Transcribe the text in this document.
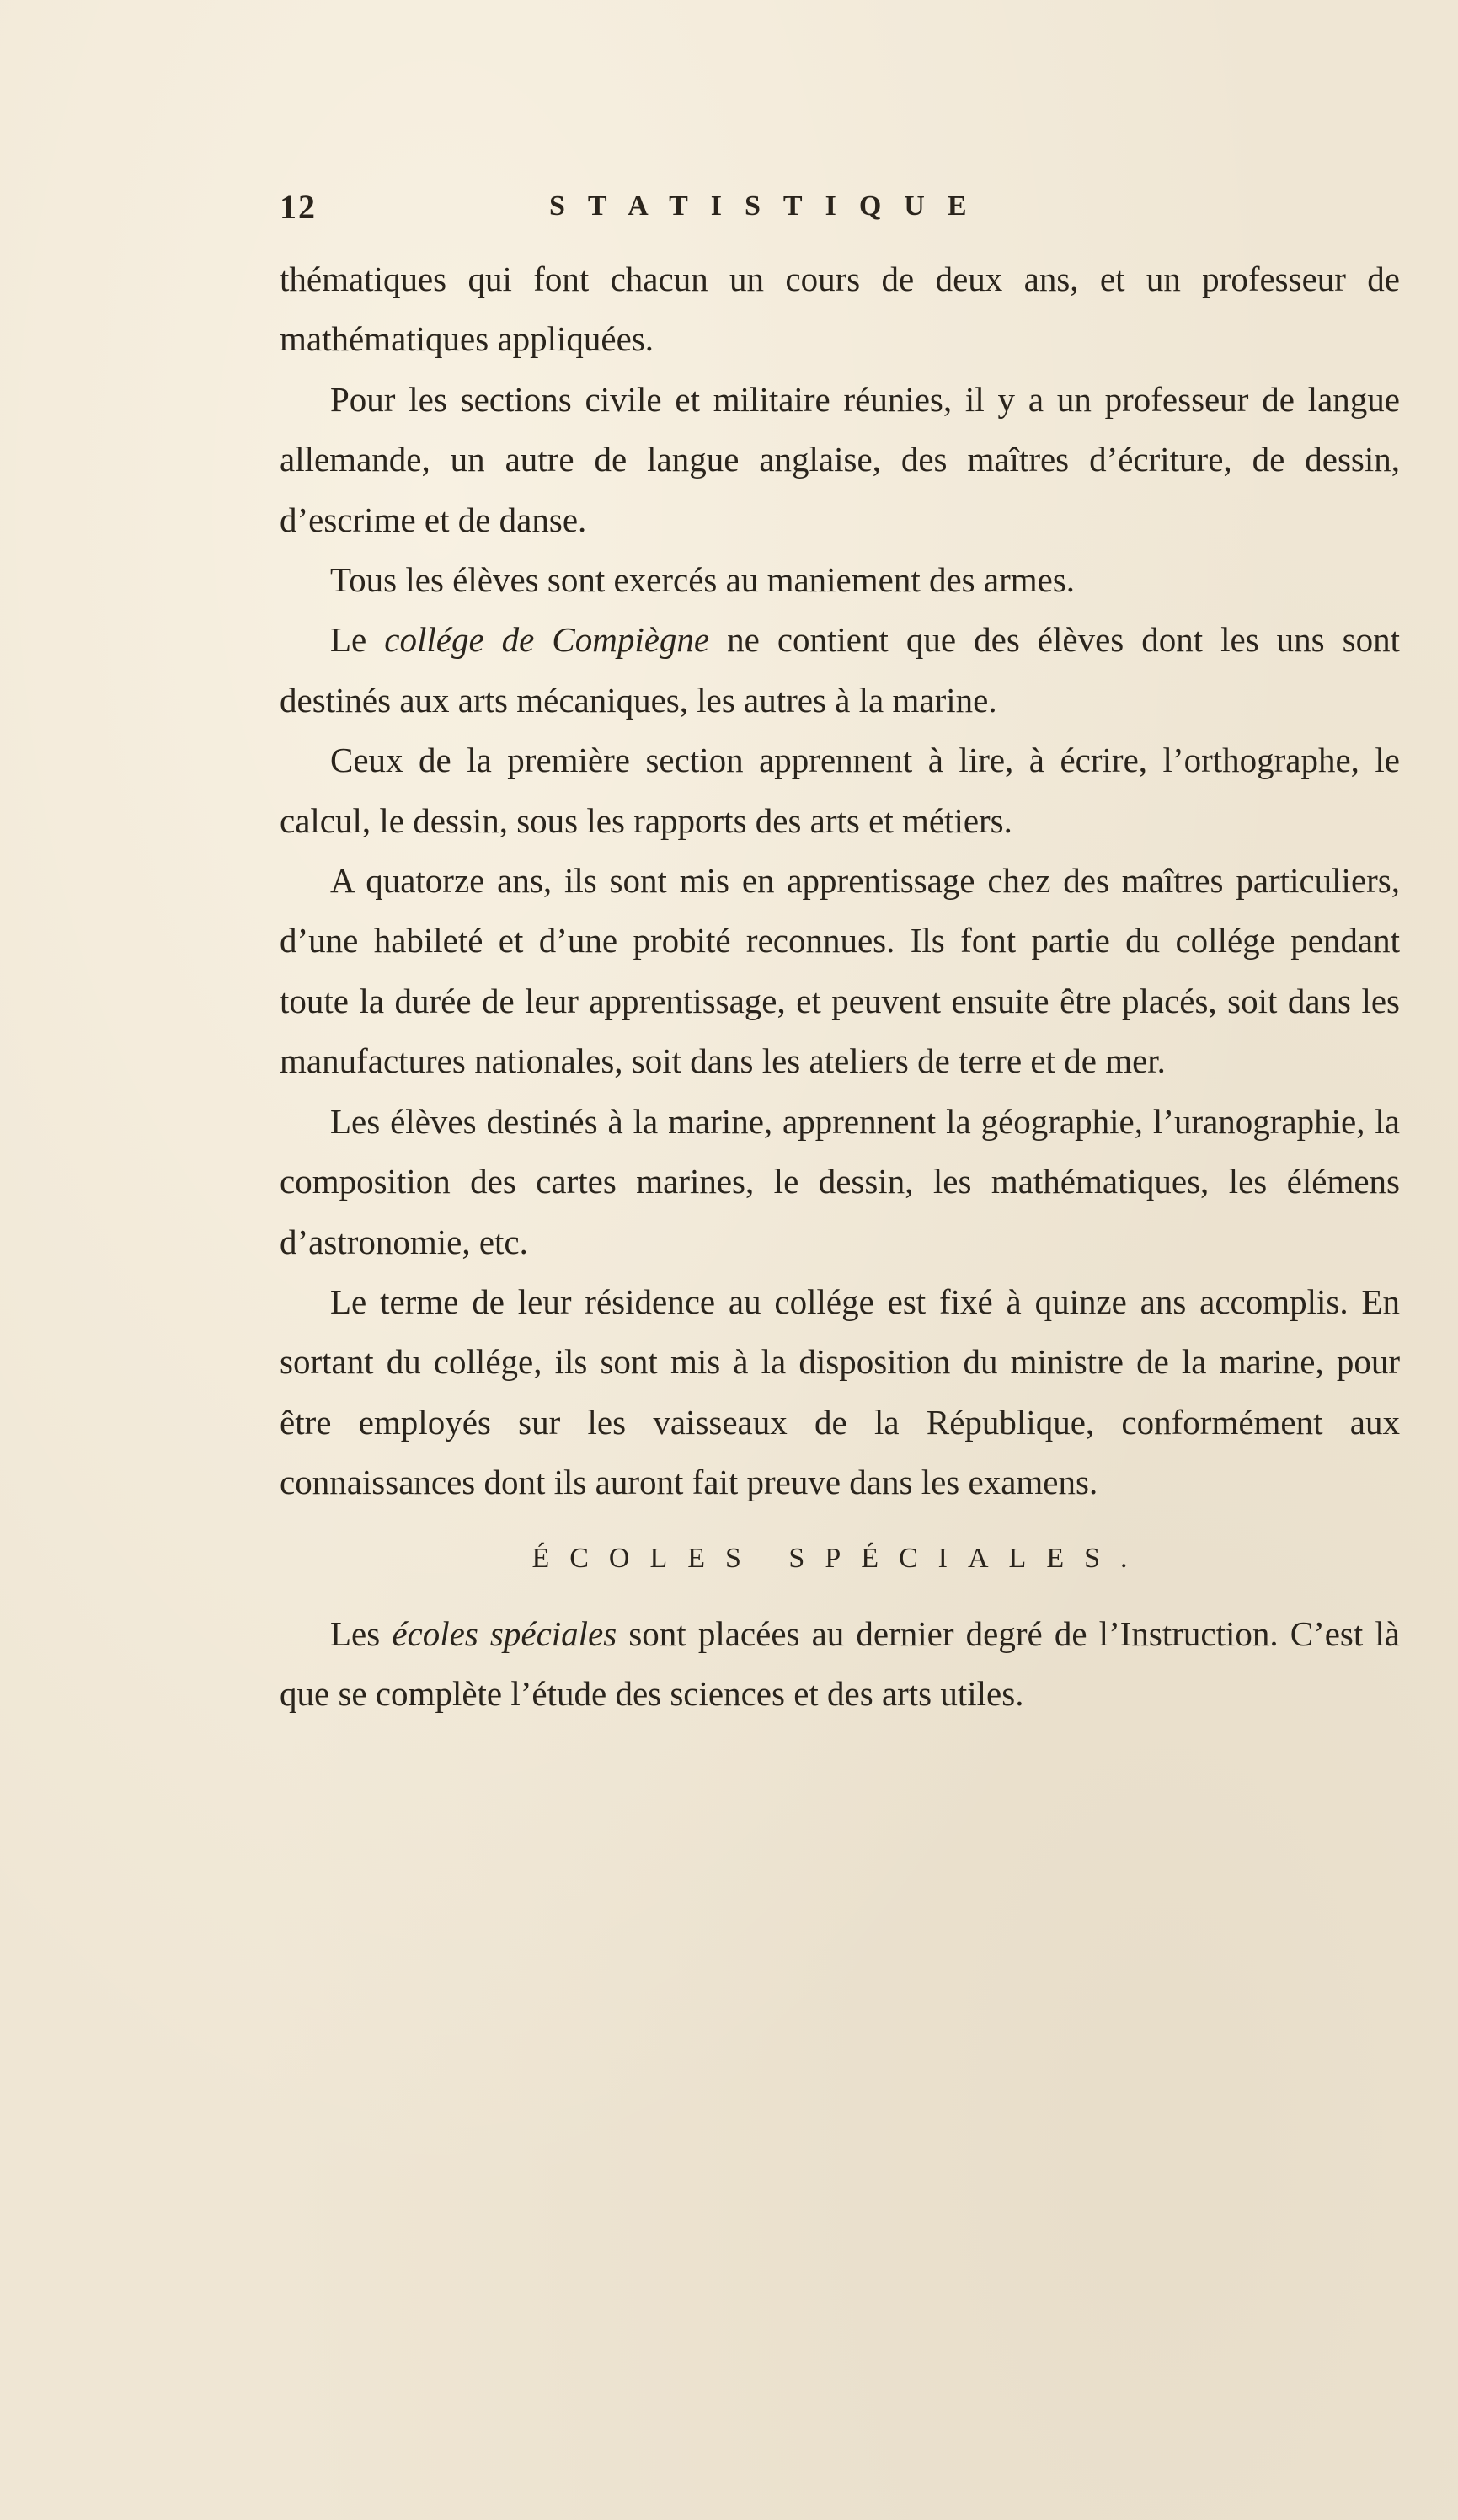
12	STATISTIQUE

thématiques qui font chacun un cours de deux ans, et un professeur de mathématiques appliquées.

Pour les sections civile et militaire réunies, il y a un professeur de langue allemande, un autre de langue anglaise, des maîtres d’écriture, de dessin, d’escrime et de danse.

Tous les élèves sont exercés au maniement des armes.

Le collége de Compiègne ne contient que des élèves dont les uns sont destinés aux arts mécaniques, les autres à la marine.

Ceux de la première section apprennent à lire, à écrire, l’orthographe, le calcul, le dessin, sous les rapports des arts et métiers.

A quatorze ans, ils sont mis en apprentissage chez des maîtres particuliers, d’une habileté et d’une probité reconnues. Ils font partie du collége pendant toute la durée de leur apprentissage, et peuvent ensuite être placés, soit dans les manufactures nationales, soit dans les ateliers de terre et de mer.

Les élèves destinés à la marine, apprennent la géographie, l’uranographie, la composition des cartes marines, le dessin, les mathématiques, les élémens d’astronomie, etc.

Le terme de leur résidence au collége est fixé à quinze ans accomplis. En sortant du collége, ils sont mis à la disposition du ministre de la marine, pour être employés sur les vaisseaux de la République, conformément aux connaissances dont ils auront fait preuve dans les examens.

ÉCOLES SPÉCIALES.

Les écoles spéciales sont placées au dernier degré de l’Instruction. C’est là que se complète l’étude des sciences et des arts utiles.
